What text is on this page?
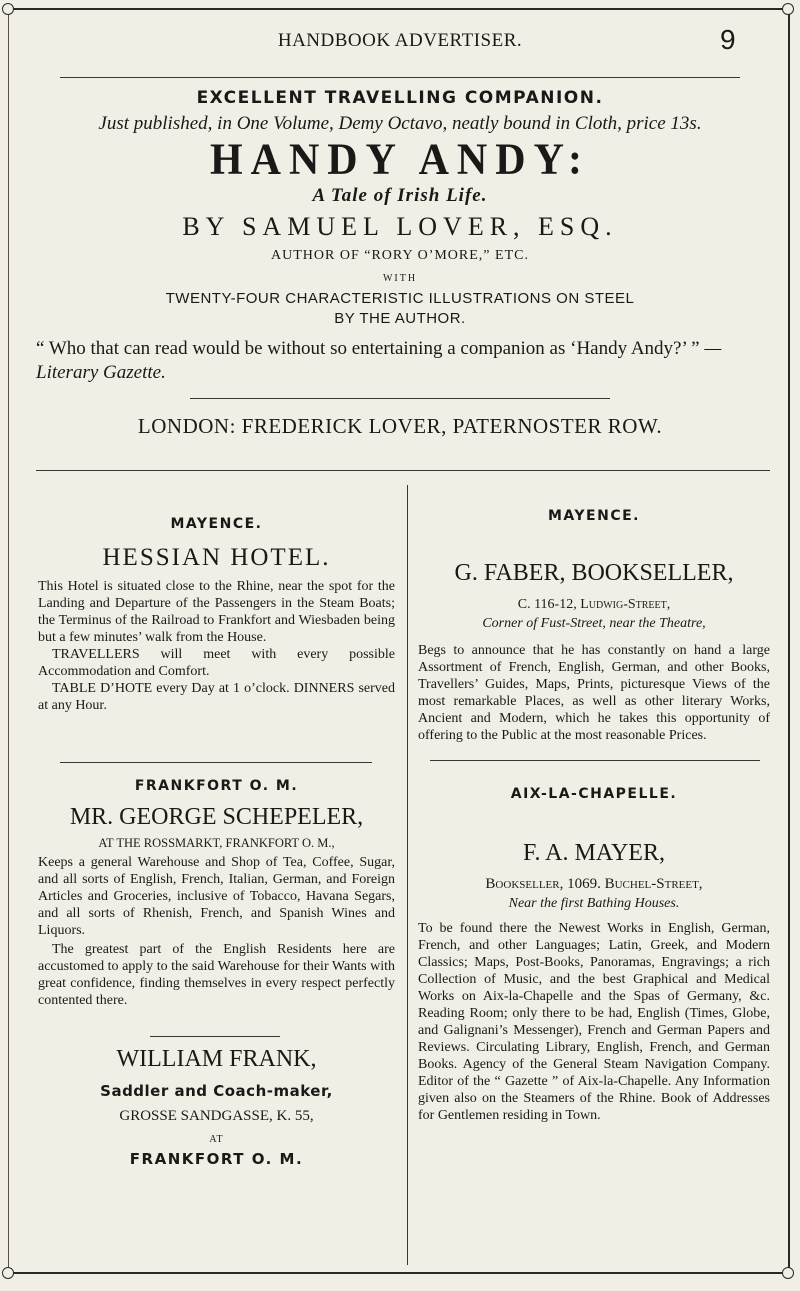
HANDBOOK ADVERTISER.	9
EXCELLENT TRAVELLING COMPANION.
Just published, in One Volume, Demy Octavo, neatly bound in Cloth, price 13s.
HANDY ANDY:
A Tale of Irish Life.
BY SAMUEL LOVER, ESQ.
AUTHOR OF “RORY O’MORE,” ETC.
WITH
TWENTY-FOUR CHARACTERISTIC ILLUSTRATIONS ON STEEL
BY THE AUTHOR.
“ Who that can read would be without so entertaining a companion as ‘Handy Andy?’ ” — Literary Gazette.
LONDON: FREDERICK LOVER, PATERNOSTER ROW.
MAYENCE.
HESSIAN HOTEL.
This Hotel is situated close to the Rhine, near the spot for the Landing and Departure of the Passengers in the Steam Boats; the Terminus of the Railroad to Frankfort and Wiesbaden being but a few minutes’ walk from the House.
TRAVELLERS will meet with every possible Accommodation and Comfort.
TABLE D’HOTE every Day at 1 o’clock. DINNERS served at any Hour.
FRANKFORT O. M.
MR. GEORGE SCHEPELER,
AT THE ROSSMARKT, FRANKFORT O. M.,
Keeps a general Warehouse and Shop of Tea, Coffee, Sugar, and all sorts of English, French, Italian, German, and Foreign Articles and Groceries, inclusive of Tobacco, Havana Segars, and all sorts of Rhenish, French, and Spanish Wines and Liquors.
The greatest part of the English Residents here are accustomed to apply to the said Warehouse for their Wants with great confidence, finding themselves in every respect perfectly contented there.
WILLIAM FRANK,
Saddler and Coach-maker,
GROSSE SANDGASSE, K. 55,
AT
FRANKFORT O. M.
MAYENCE.
G. FABER, BOOKSELLER,
C. 116-12, Ludwig-Street,
Corner of Fust-Street, near the Theatre,
Begs to announce that he has constantly on hand a large Assortment of French, English, German, and other Books, Travellers’ Guides, Maps, Prints, picturesque Views of the most remarkable Places, as well as other literary Works, Ancient and Modern, which he takes this opportunity of offering to the Public at the most reasonable Prices.
AIX-LA-CHAPELLE.
F. A. MAYER,
Bookseller, 1069. Buchel-Street,
Near the first Bathing Houses.
To be found there the Newest Works in English, German, French, and other Languages; Latin, Greek, and Modern Classics; Maps, Post-Books, Panoramas, Engravings; a rich Collection of Music, and the best Graphical and Medical Works on Aix-la-Chapelle and the Spas of Germany, &c. Reading Room; only there to be had, English (Times, Globe, and Galignani’s Messenger), French and German Papers and Reviews. Circulating Library, English, French, and German Books. Agency of the General Steam Navigation Company. Editor of the “ Gazette ” of Aix-la-Chapelle. Any Information given also on the Steamers of the Rhine. Book of Addresses for Gentlemen residing in Town.
